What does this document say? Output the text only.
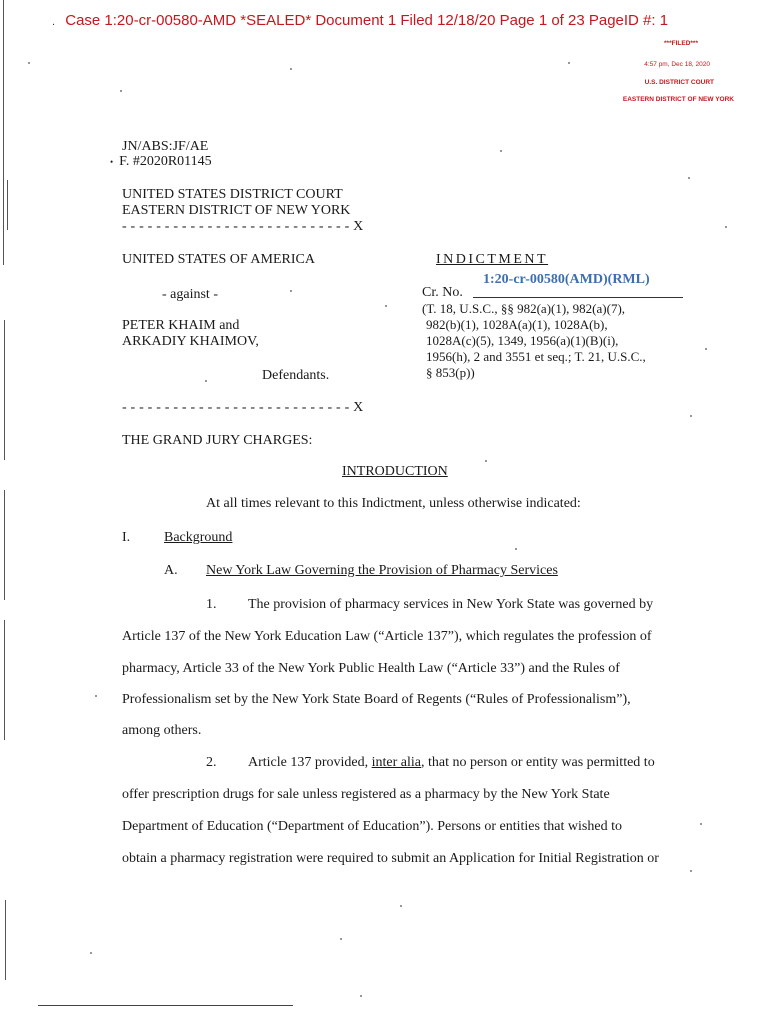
. Case 1:20-cr-00580-AMD *SEALED* Document 1 Filed 12/18/20 Page 1 of 23 PageID #: 1
***FILED***
4:57 pm, Dec 18, 2020
U.S. DISTRICT COURT
EASTERN DISTRICT OF NEW YORK
JN/ABS:JF/AE
• F. #2020R01145
UNITED STATES DISTRICT COURT
EASTERN DISTRICT OF NEW YORK
- - - - - - - - - - - - - - - - - - - - - - - - - - - X
UNITED STATES OF AMERICA
- against -
PETER KHAIM and
ARKADIY KHAIMOV,
Defendants.
- - - - - - - - - - - - - - - - - - - - - - - - - - - X
INDICTMENT
1:20-cr-00580(AMD)(RML)
Cr. No.
(T. 18, U.S.C., §§ 982(a)(1), 982(a)(7),
982(b)(1), 1028A(a)(1), 1028A(b),
1028A(c)(5), 1349, 1956(a)(1)(B)(i),
1956(h), 2 and 3551 et seq.; T. 21, U.S.C.,
§ 853(p))
THE GRAND JURY CHARGES:
INTRODUCTION
At all times relevant to this Indictment, unless otherwise indicated:
I. Background
A. New York Law Governing the Provision of Pharmacy Services
1. The provision of pharmacy services in New York State was governed by
Article 137 of the New York Education Law (“Article 137”), which regulates the profession of
pharmacy, Article 33 of the New York Public Health Law (“Article 33”) and the Rules of
Professionalism set by the New York State Board of Regents (“Rules of Professionalism”),
among others.
2. Article 137 provided, inter alia, that no person or entity was permitted to
offer prescription drugs for sale unless registered as a pharmacy by the New York State
Department of Education (“Department of Education”). Persons or entities that wished to
obtain a pharmacy registration were required to submit an Application for Initial Registration or
